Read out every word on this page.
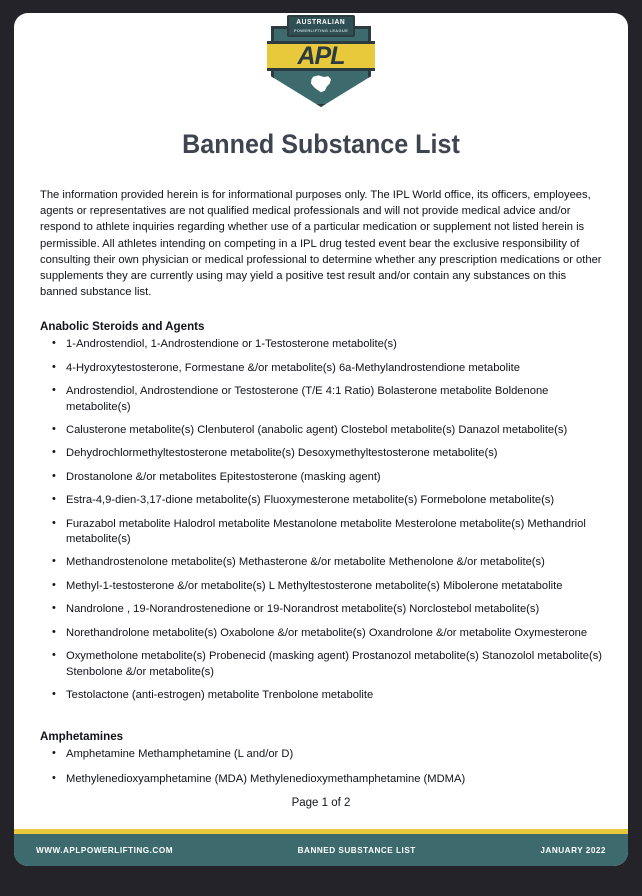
AUSTRALIAN
POWERLIFTING LEAGUE
APL
Banned Substance List

The information provided herein is for informational purposes only. The IPL World office, its officers, employees, agents or representatives are not qualified medical professionals and will not provide medical advice and/or respond to athlete inquiries regarding whether use of a particular medication or supplement not listed herein is permissible. All athletes intending on competing in a IPL drug tested event bear the exclusive responsibility of consulting their own physician or medical professional to determine whether any prescription medications or other supplements they are currently using may yield a positive test result and/or contain any substances on this banned substance list.

Anabolic Steroids and Agents
• 1-Androstendiol, 1-Androstendione or 1-Testosterone metabolite(s)
• 4-Hydroxytestosterone, Formestane &/or metabolite(s) 6a-Methylandrostendione metabolite
• Androstendiol, Androstendione or Testosterone (T/E 4:1 Ratio) Bolasterone metabolite Boldenone metabolite(s)
• Calusterone metabolite(s) Clenbuterol (anabolic agent) Clostebol metabolite(s) Danazol metabolite(s)
• Dehydrochlormethyltestosterone metabolite(s) Desoxymethyltestosterone metabolite(s)
• Drostanolone &/or metabolites Epitestosterone (masking agent)
• Estra-4,9-dien-3,17-dione metabolite(s) Fluoxymesterone metabolite(s) Formebolone metabolite(s)
• Furazabol metabolite Halodrol metabolite Mestanolone metabolite Mesterolone metabolite(s) Methandriol metabolite(s)
• Methandrostenolone metabolite(s) Methasterone &/or metabolite Methenolone &/or metabolite(s)
• Methyl-1-testosterone &/or metabolite(s) L Methyltestosterone metabolite(s) Mibolerone metatabolite
• Nandrolone , 19-Norandrostenedione or 19-Norandrost metabolite(s) Norclostebol metabolite(s)
• Norethandrolone metabolite(s) Oxabolone &/or metabolite(s) Oxandrolone &/or metabolite Oxymesterone
• Oxymetholone metabolite(s) Probenecid (masking agent) Prostanozol metabolite(s) Stanozolol metabolite(s) Stenbolone &/or metabolite(s)
• Testolactone (anti-estrogen) metabolite Trenbolone metabolite
Amphetamines
• Amphetamine Methamphetamine (L and/or D)
• Methylenedioxyamphetamine (MDA) Methylenedioxymethamphetamine (MDMA)
Page 1 of 2
WWW.APLPOWERLIFTING.COM	BANNED SUBSTANCE LIST	JANUARY 2022
